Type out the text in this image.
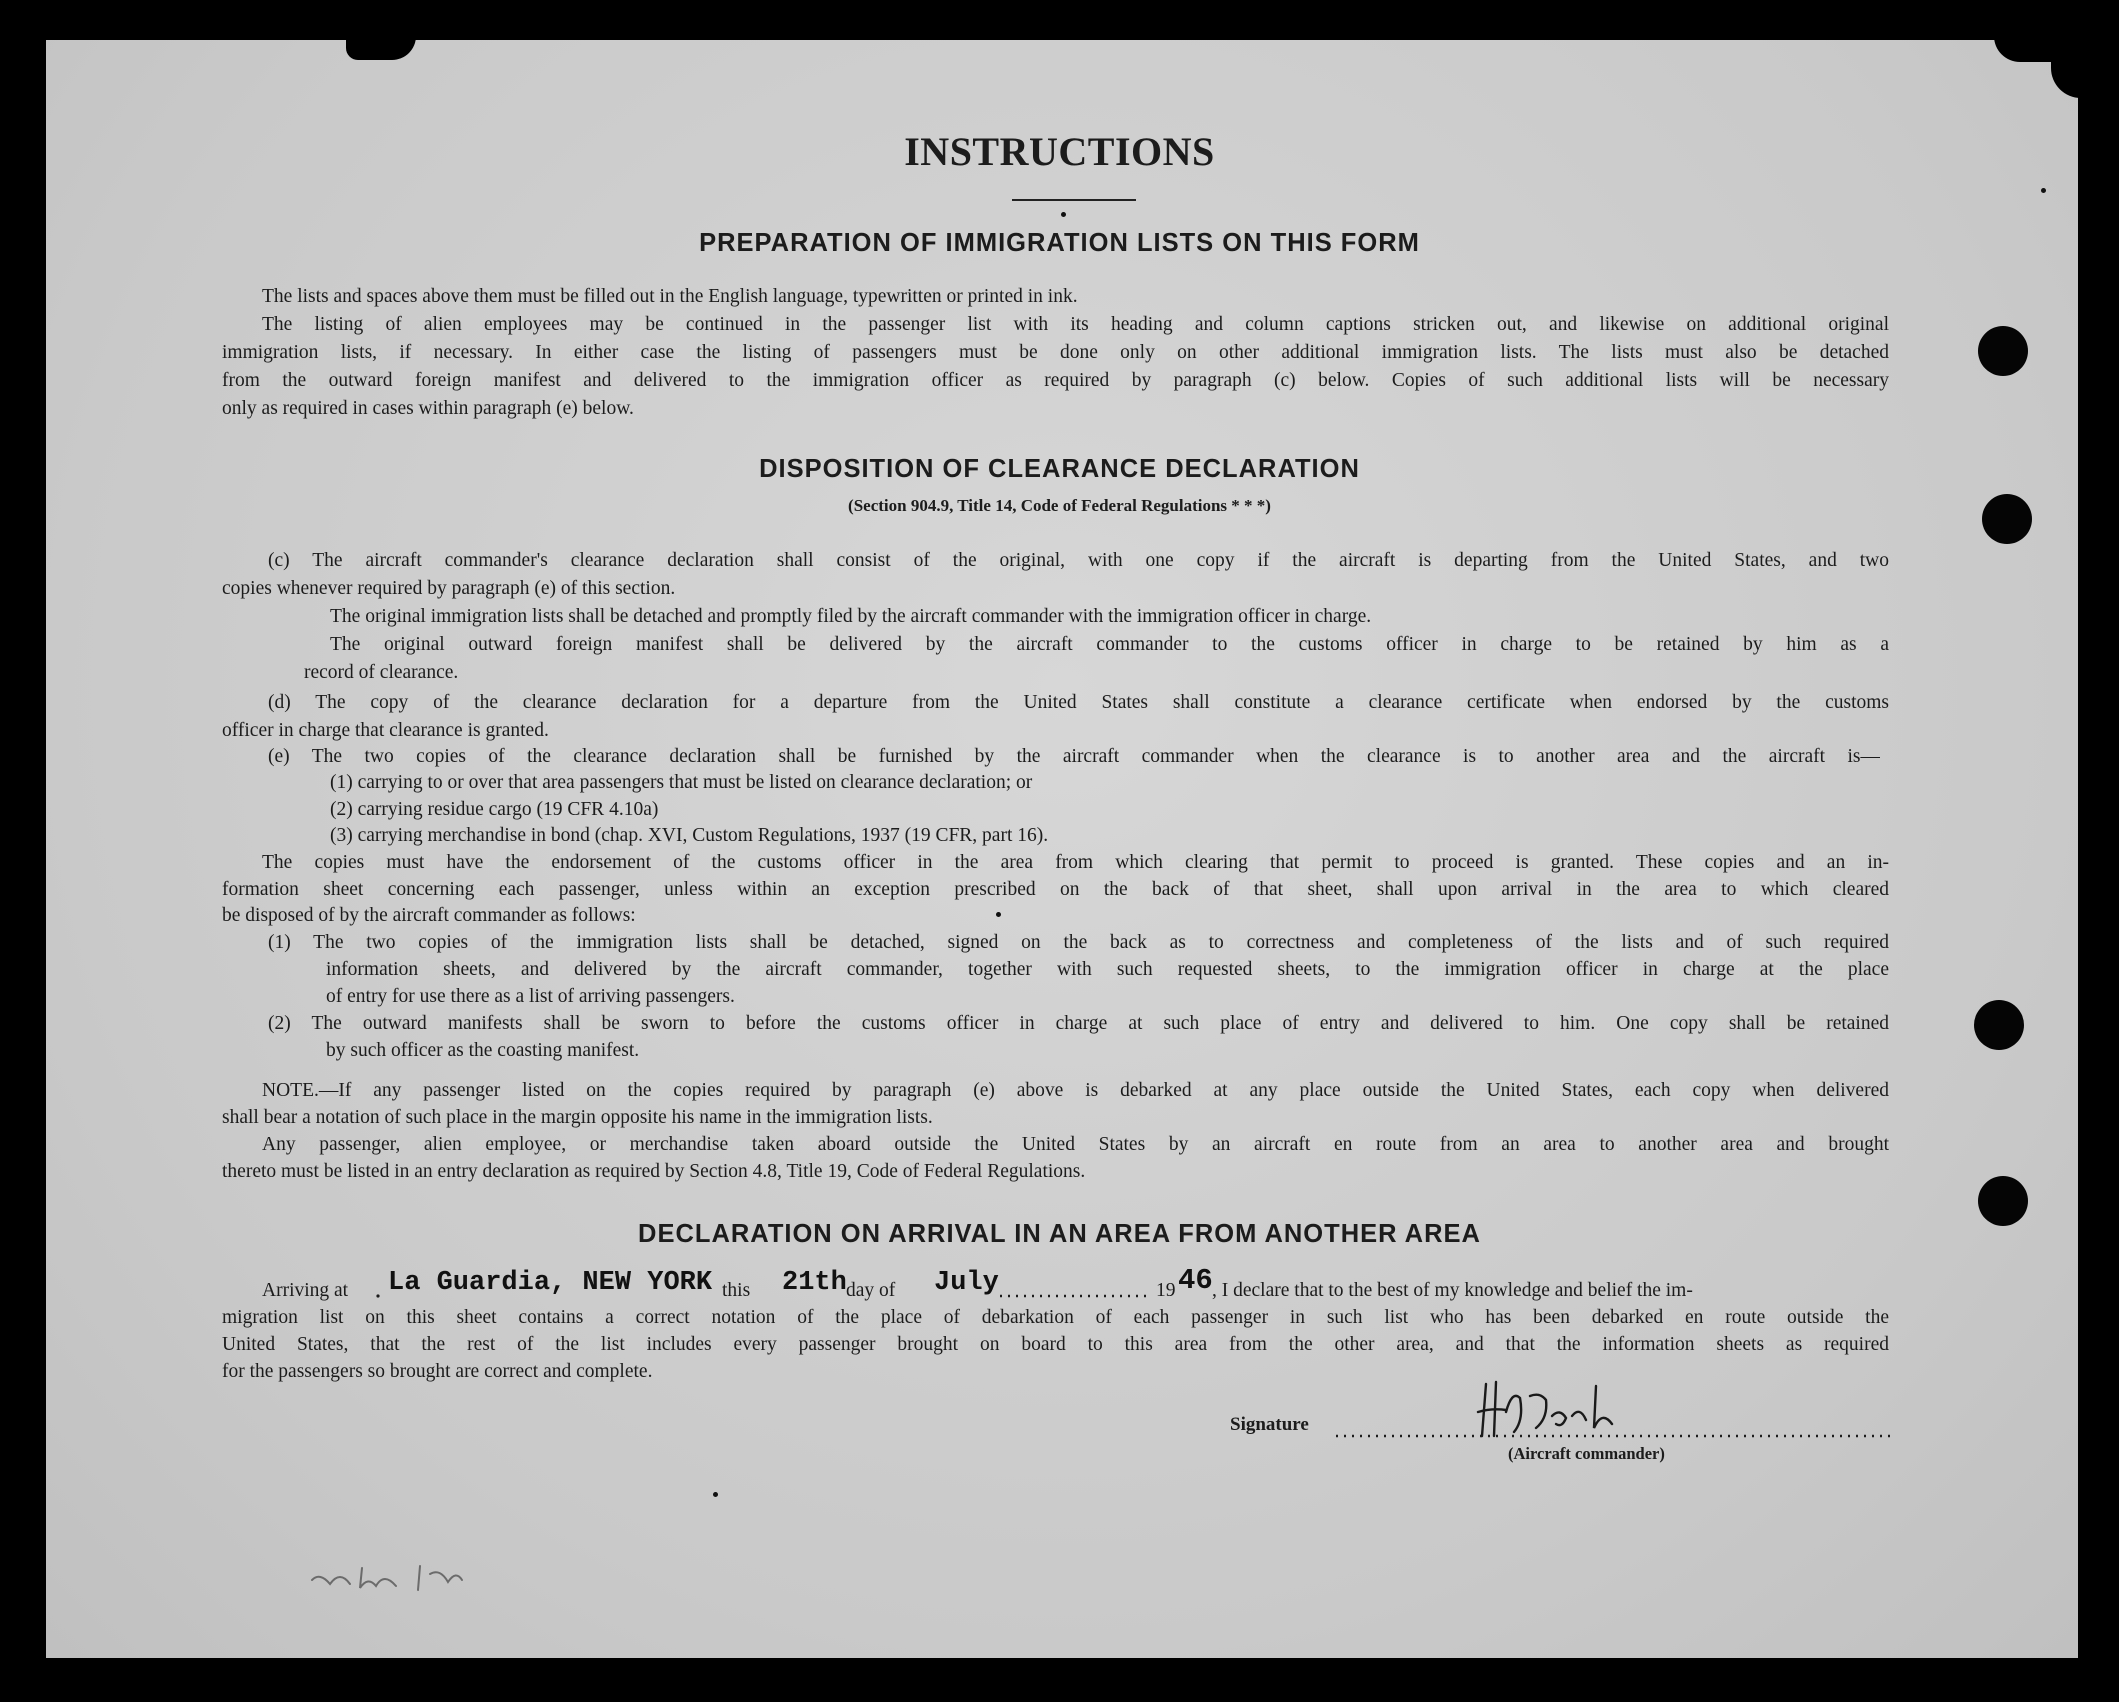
INSTRUCTIONS
PREPARATION OF IMMIGRATION LISTS ON THIS FORM
The lists and spaces above them must be filled out in the English language, typewritten or printed in ink.
The listing of alien employees may be continued in the passenger list with its heading and column captions stricken out, and likewise on additional original
immigration lists, if necessary. In either case the listing of passengers must be done only on other additional immigration lists. The lists must also be detached
from the outward foreign manifest and delivered to the immigration officer as required by paragraph (c) below. Copies of such additional lists will be necessary
only as required in cases within paragraph (e) below.
DISPOSITION OF CLEARANCE DECLARATION
(Section 904.9, Title 14, Code of Federal Regulations * * *)
(c) The aircraft commander's clearance declaration shall consist of the original, with one copy if the aircraft is departing from the United States, and two
copies whenever required by paragraph (e) of this section.
The original immigration lists shall be detached and promptly filed by the aircraft commander with the immigration officer in charge.
The original outward foreign manifest shall be delivered by the aircraft commander to the customs officer in charge to be retained by him as a
record of clearance.
(d) The copy of the clearance declaration for a departure from the United States shall constitute a clearance certificate when endorsed by the customs
officer in charge that clearance is granted.
(e) The two copies of the clearance declaration shall be furnished by the aircraft commander when the clearance is to another area and the aircraft is—
(1) carrying to or over that area passengers that must be listed on clearance declaration; or
(2) carrying residue cargo (19 CFR 4.10a)
(3) carrying merchandise in bond (chap. XVI, Custom Regulations, 1937 (19 CFR, part 16).
The copies must have the endorsement of the customs officer in the area from which clearing that permit to proceed is granted. These copies and an in-
formation sheet concerning each passenger, unless within an exception prescribed on the back of that sheet, shall upon arrival in the area to which cleared
be disposed of by the aircraft commander as follows:
(1) The two copies of the immigration lists shall be detached, signed on the back as to correctness and completeness of the lists and of such required
information sheets, and delivered by the aircraft commander, together with such requested sheets, to the immigration officer in charge at the place
of entry for use there as a list of arriving passengers.
(2) The outward manifests shall be sworn to before the customs officer in charge at such place of entry and delivered to him. One copy shall be retained
by such officer as the coasting manifest.
NOTE.—If any passenger listed on the copies required by paragraph (e) above is debarked at any place outside the United States, each copy when delivered
shall bear a notation of such place in the margin opposite his name in the immigration lists.
Any passenger, alien employee, or merchandise taken aboard outside the United States by an aircraft en route from an area to another area and brought
thereto must be listed in an entry declaration as required by Section 4.8, Title 19, Code of Federal Regulations.
DECLARATION ON ARRIVAL IN AN AREA FROM ANOTHER AREA
Arriving at La Guardia, NEW YORK this 21th day of July	19 46 , I declare that to the best of my knowledge and belief the im-
migration list on this sheet contains a correct notation of the place of debarkation of each passenger in such list who has been debarked en route outside the
United States, that the rest of the list includes every passenger brought on board to this area from the other area, and that the information sheets as required
for the passengers so brought are correct and complete.
Signature
(Aircraft commander)
